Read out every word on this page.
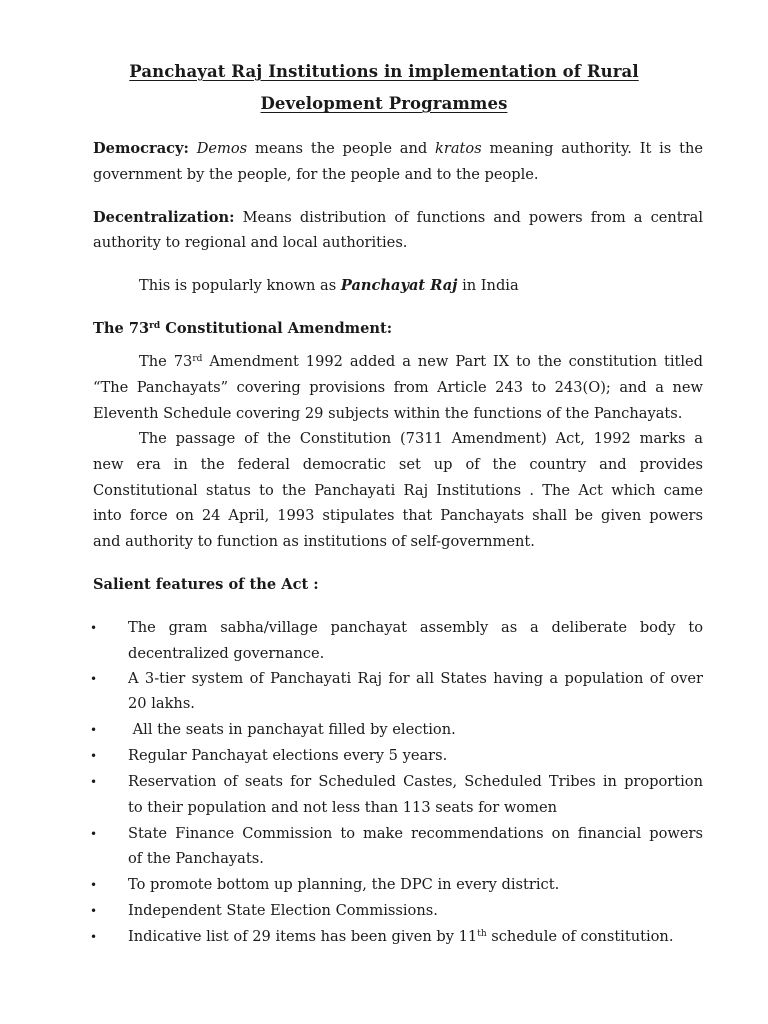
Panchayat Raj Institutions in implementation of Rural
Development Programmes
Democracy: Demos means the people and kratos meaning authority. It is the
government by the people, for the people and to the people.
Decentralization: Means distribution of functions and powers from a central
authority to regional and local authorities.
This is popularly known as Panchayat Raj in India
The 73rd Constitutional Amendment:
The 73rd Amendment 1992 added a new Part IX to the constitution titled
“The Panchayats” covering provisions from Article 243 to 243(O); and a new
Eleventh Schedule covering 29 subjects within the functions of the Panchayats.
The passage of the Constitution (7311 Amendment) Act, 1992 marks a
new era in the federal democratic set up of the country and provides
Constitutional status to the Panchayati Raj Institutions . The Act which came
into force on 24 April, 1993 stipulates that Panchayats shall be given powers
and authority to function as institutions of self-government.
Salient features of the Act :
• The gram sabha/village panchayat assembly as a deliberate body to
decentralized governance.
• A 3-tier system of Panchayati Raj for all States having a population of over
20 lakhs.
• All the seats in panchayat filled by election.
• Regular Panchayat elections every 5 years.
• Reservation of seats for Scheduled Castes, Scheduled Tribes in proportion
to their population and not less than 113 seats for women
• State Finance Commission to make recommendations on financial powers
of the Panchayats.
• To promote bottom up planning, the DPC in every district.
• Independent State Election Commissions.
• Indicative list of 29 items has been given by 11th schedule of constitution.
